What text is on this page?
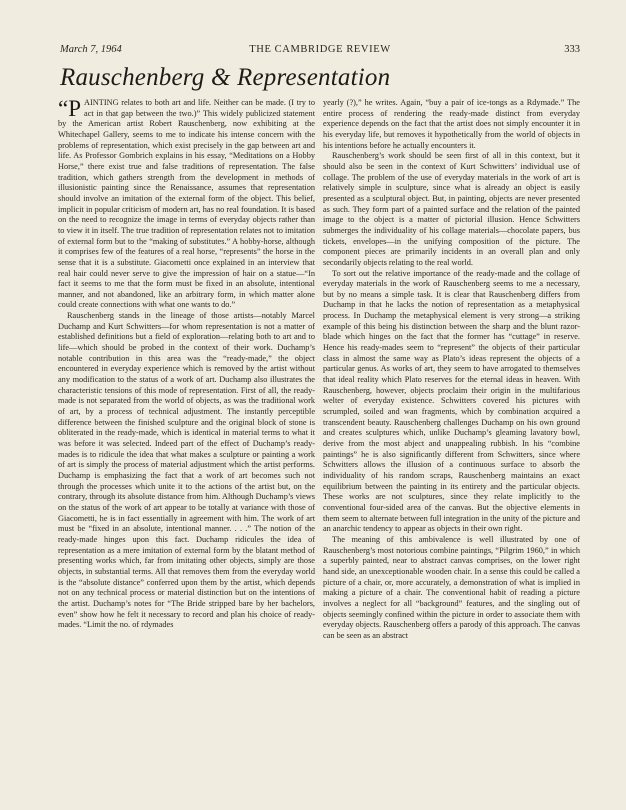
March 7, 1964	THE CAMBRIDGE REVIEW	333
Rauschenberg & Representation

“P AINTING relates to both art and life. Neither can be made. (I try to act in that gap between the two.)” This widely publicized statement by the American artist Robert Rauschenberg, now exhibiting at the Whitechapel Gallery, seems to me to indicate his intense concern with the problems of representation, which exist precisely in the gap between art and life. As Professor Gombrich explains in his essay, “Meditations on a Hobby Horse,” there exist true and false traditions of representation. The false tradition, which gathers strength from the development in methods of illusionistic painting since the Renaissance, assumes that representation should involve an imitation of the external form of the object. This belief, implicit in popular criticism of modern art, has no real foundation. It is based on the need to recognize the image in terms of everyday objects rather than to view it in itself. The true tradition of representation relates not to imitation of external form but to the “making of substitutes.” A hobby-horse, although it comprises few of the features of a real horse, “represents” the horse in the sense that it is a substitute. Giacometti once explained in an interview that real hair could never serve to give the impression of hair on a statue—“In fact it seems to me that the form must be fixed in an absolute, intentional manner, and not abandoned, like an arbitrary form, in which matter alone could create connections with what one wants to do.”

Rauschenberg stands in the lineage of those artists—notably Marcel Duchamp and Kurt Schwitters—for whom representation is not a matter of established definitions but a field of exploration—relating both to art and to life—which should be probed in the context of their work. Duchamp’s notable contribution in this area was the “ready-made,” the object encountered in everyday experience which is removed by the artist without any modification to the status of a work of art. Duchamp also illustrates the characteristic tensions of this mode of representation. First of all, the ready-made is not separated from the world of objects, as was the traditional work of art, by a process of technical adjustment. The instantly perceptible difference between the finished sculpture and the original block of stone is obliterated in the ready-made, which is identical in material terms to what it was before it was selected. Indeed part of the effect of Duchamp’s ready-mades is to ridicule the idea that what makes a sculpture or painting a work of art is simply the process of material adjustment which the artist performs. Duchamp is emphasizing the fact that a work of art becomes such not through the processes which unite it to the actions of the artist but, on the contrary, through its absolute distance from him. Although Duchamp’s views on the status of the work of art appear to be totally at variance with those of Giacometti, he is in fact essentially in agreement with him. The work of art must be “fixed in an absolute, intentional manner. . . .” The notion of the ready-made hinges upon this fact. Duchamp ridicules the idea of representation as a mere imitation of external form by the blatant method of presenting works which, far from imitating other objects, simply are those objects, in substantial terms. All that removes them from the everyday world is the “absolute distance” conferred upon them by the artist, which depends not on any technical process or material distinction but on the intentions of the artist. Duchamp’s notes for “The Bride stripped bare by her bachelors, even” show how he felt it necessary to record and plan his choice of ready-mades. “Limit the no. of rdymades

yearly (?),” he writes. Again, “buy a pair of ice-tongs as a Rdymade.” The entire process of rendering the ready-made distinct from everyday experience depends on the fact that the artist does not simply encounter it in his everyday life, but removes it hypothetically from the world of objects in his intentions before he actually encounters it.

Rauschenberg’s work should be seen first of all in this context, but it should also be seen in the context of Kurt Schwitters’ individual use of collage. The problem of the use of everyday materials in the work of art is relatively simple in sculpture, since what is already an object is easily presented as a sculptural object. But, in painting, objects are never presented as such. They form part of a painted surface and the relation of the painted image to the object is a matter of pictorial illusion. Hence Schwitters submerges the individuality of his collage materials—chocolate papers, bus tickets, envelopes—in the unifying composition of the picture. The component pieces are primarily incidents in an overall plan and only secondarily objects relating to the real world.

To sort out the relative importance of the ready-made and the collage of everyday materials in the work of Rauschenberg seems to me a necessary, but by no means a simple task. It is clear that Rauschenberg differs from Duchamp in that he lacks the notion of representation as a metaphysical process. In Duchamp the metaphysical element is very strong—a striking example of this being his distinction between the sharp and the blunt razor-blade which hinges on the fact that the former has “cuttage” in reserve. Hence his ready-mades seem to “represent” the objects of their particular class in almost the same way as Plato’s ideas represent the objects of a particular genus. As works of art, they seem to have arrogated to themselves that ideal reality which Plato reserves for the eternal ideas in heaven. With Rauschenberg, however, objects proclaim their origin in the multifarious welter of everyday existence. Schwitters covered his pictures with scrumpled, soiled and wan fragments, which by combination acquired a transcendent beauty. Rauschenberg challenges Duchamp on his own ground and creates sculptures which, unlike Duchamp’s gleaming lavatory bowl, derive from the most abject and unappealing rubbish. In his “combine paintings” he is also significantly different from Schwitters, since where Schwitters allows the illusion of a continuous surface to absorb the individuality of his random scraps, Rauschenberg maintains an exact equilibrium between the painting in its entirety and the particular objects. These works are not sculptures, since they relate implicitly to the conventional four-sided area of the canvas. But the objective elements in them seem to alternate between full integration in the unity of the picture and an anarchic tendency to appear as objects in their own right.

The meaning of this ambivalence is well illustrated by one of Rauschenberg’s most notorious combine paintings, “Pilgrim 1960,” in which a superbly painted, near to abstract canvas comprises, on the lower right hand side, an unexceptionable wooden chair. In a sense this could be called a picture of a chair, or, more accurately, a demonstration of what is implied in making a picture of a chair. The conventional habit of reading a picture involves a neglect for all “background” features, and the singling out of objects seemingly confined within the picture in order to associate them with everyday objects. Rauschenberg offers a parody of this approach. The canvas can be seen as an abstract
